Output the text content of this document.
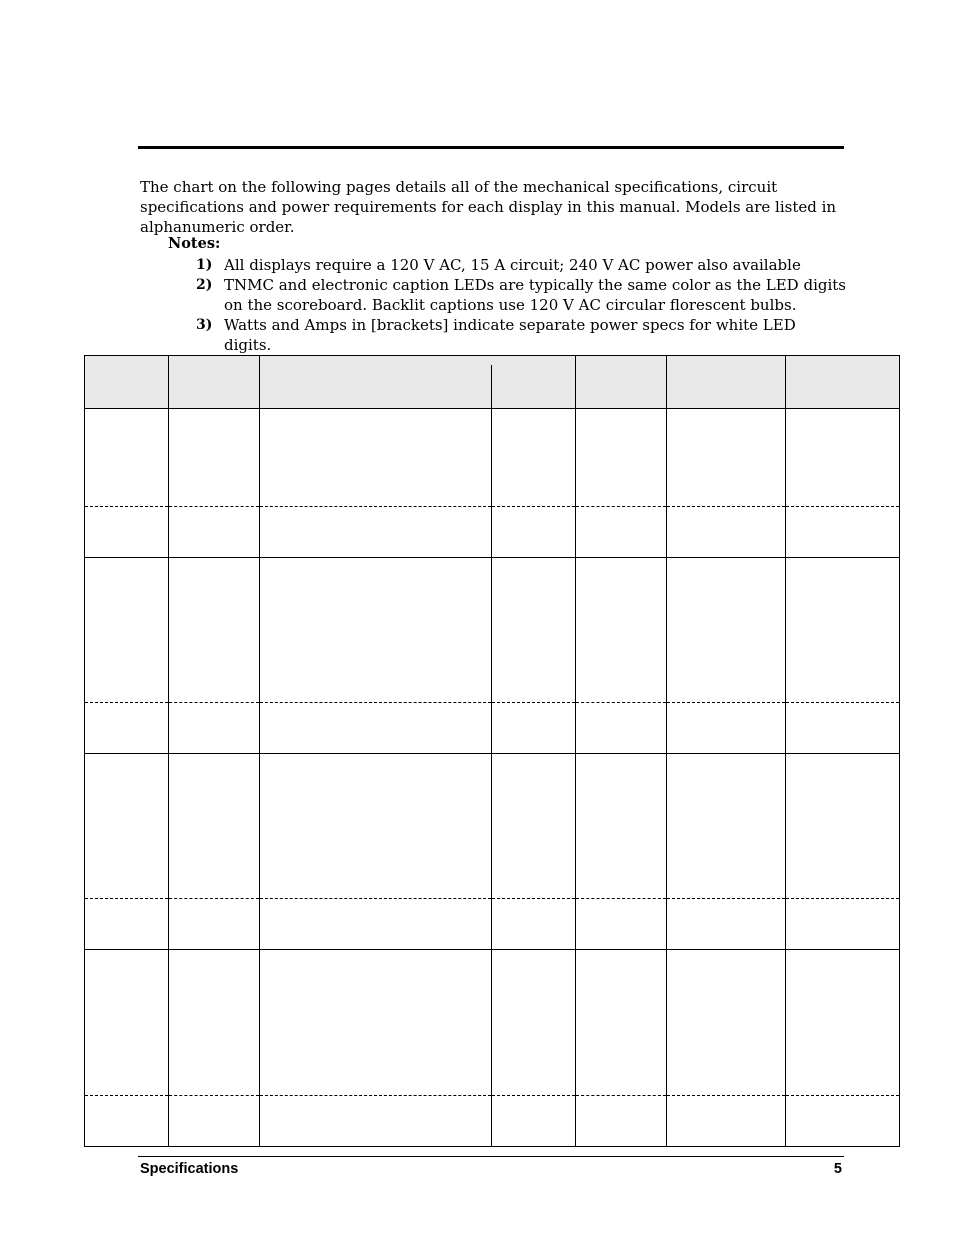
The chart on the following pages details all of the mechanical specifications, circuit specifications and power requirements for each display in this manual. Models are listed in alphanumeric order.

Notes:

1) All displays require a 120 V AC, 15 A circuit; 240 V AC power also available
2) TNMC and electronic caption LEDs are typically the same color as the LED digits on the scoreboard. Backlit captions use 120 V AC circular florescent bulbs.
3) Watts and Amps in [brackets] indicate separate power specs for white LED digits.

Specifications	5
